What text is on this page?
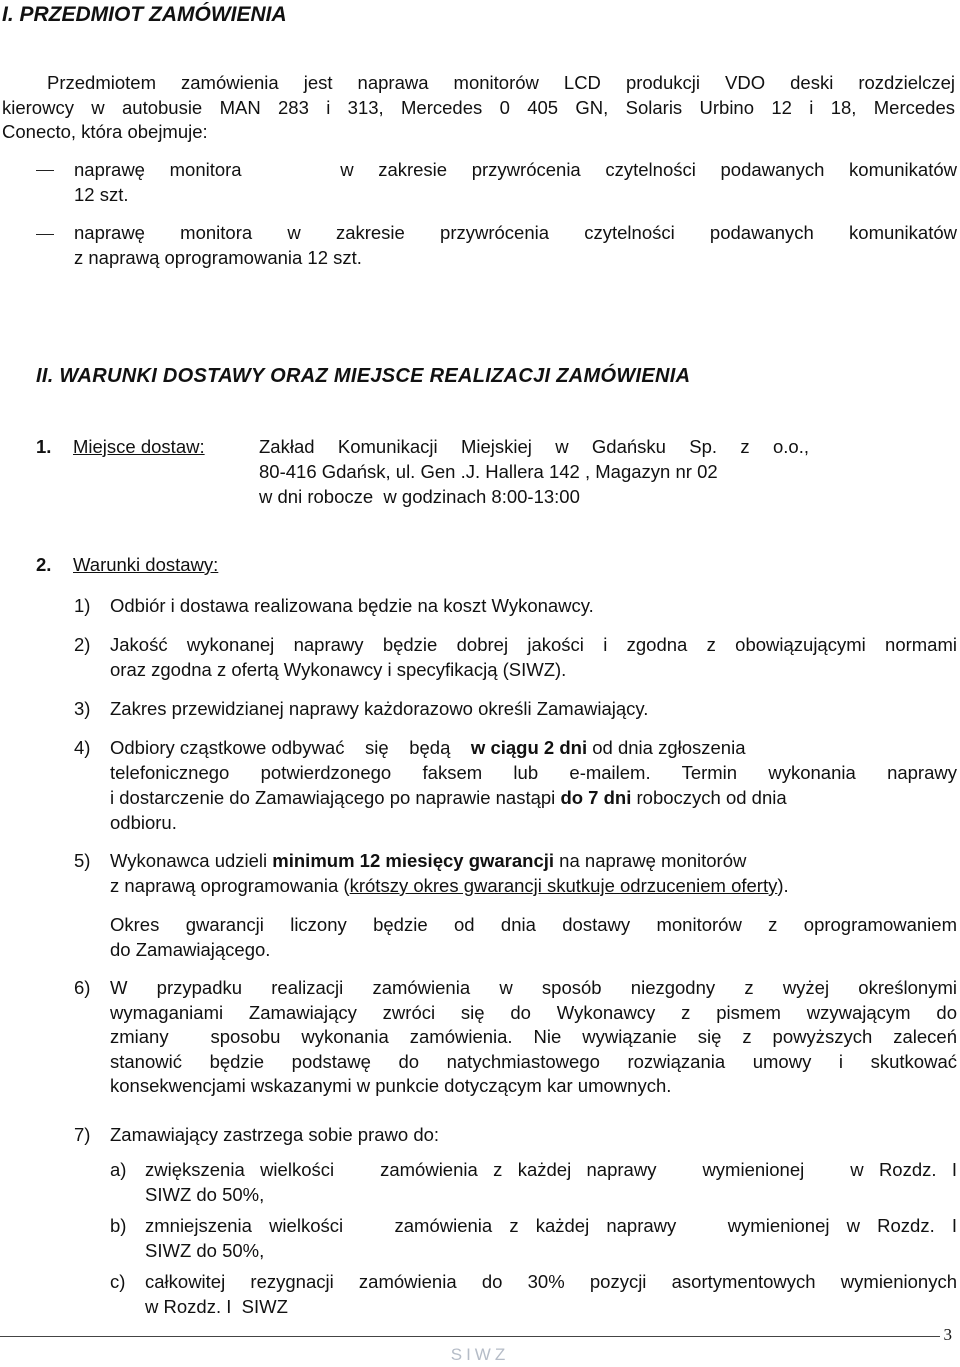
I. PRZEDMIOT ZAMÓWIENIA
Przedmiotem zamówienia jest naprawa monitorów LCD produkcji VDO deski rozdzielczej
kierowcy w autobusie MAN 283 i 313, Mercedes 0 405 GN, Solaris Urbino 12 i 18, Mercedes
Conecto, która obejmuje:
naprawę monitora    w zakresie przywrócenia czytelności podawanych komunikatów
12 szt.
naprawę monitora w zakresie przywrócenia czytelności podawanych komunikatów
z naprawą oprogramowania 12 szt.
II. WARUNKI DOSTAWY ORAZ MIEJSCE REALIZACJI ZAMÓWIENIA
1. Miejsce dostaw:	Zakład Komunikacji Miejskiej w Gdańsku Sp. z o.o.,
80-416 Gdańsk, ul. Gen .J. Hallera 142 , Magazyn nr 02
w dni robocze  w godzinach 8:00-13:00
2. Warunki dostawy:
1) Odbiór i dostawa realizowana będzie na koszt Wykonawcy.
2) Jakość wykonanej naprawy będzie dobrej jakości i zgodna z obowiązującymi normami
oraz zgodna z ofertą Wykonawcy i specyfikacją (SIWZ).
3) Zakres przewidzianej naprawy każdorazowo określi Zamawiający.
4) Odbiory cząstkowe odbywać    się    będą    w ciągu 2 dni od dnia zgłoszenia
telefonicznego potwierdzonego faksem lub e-mailem. Termin wykonania naprawy
i dostarczenie do Zamawiającego po naprawie nastąpi do 7 dni roboczych od dnia
odbioru.
5) Wykonawca udzieli minimum 12 miesięcy gwarancji na naprawę monitorów
z naprawą oprogramowania (krótszy okres gwarancji skutkuje odrzuceniem oferty).
Okres gwarancji liczony będzie od dnia dostawy monitorów z oprogramowaniem
do Zamawiającego.
6) W przypadku realizacji zamówienia w sposób niezgodny z wyżej określonymi
wymaganiami Zamawiający zwróci się do Wykonawcy z pismem wzywającym do
zmiany  sposobu wykonania zamówienia. Nie wywiązanie się z powyższych zaleceń
stanowić będzie podstawę do natychmiastowego rozwiązania umowy i skutkować
konsekwencjami wskazanymi w punkcie dotyczącym kar umownych.
7) Zamawiający zastrzega sobie prawo do:
a) zwiększenia wielkości   zamówienia z każdej naprawy   wymienionej   w Rozdz. I
SIWZ do 50%,
b) zmniejszenia wielkości   zamówienia z każdej naprawy   wymienionej w Rozdz. I
SIWZ do 50%,
c) całkowitej rezygnacji zamówienia do 30% pozycji asortymentowych wymienionych
w Rozdz. I  SIWZ
3
SIWZ
